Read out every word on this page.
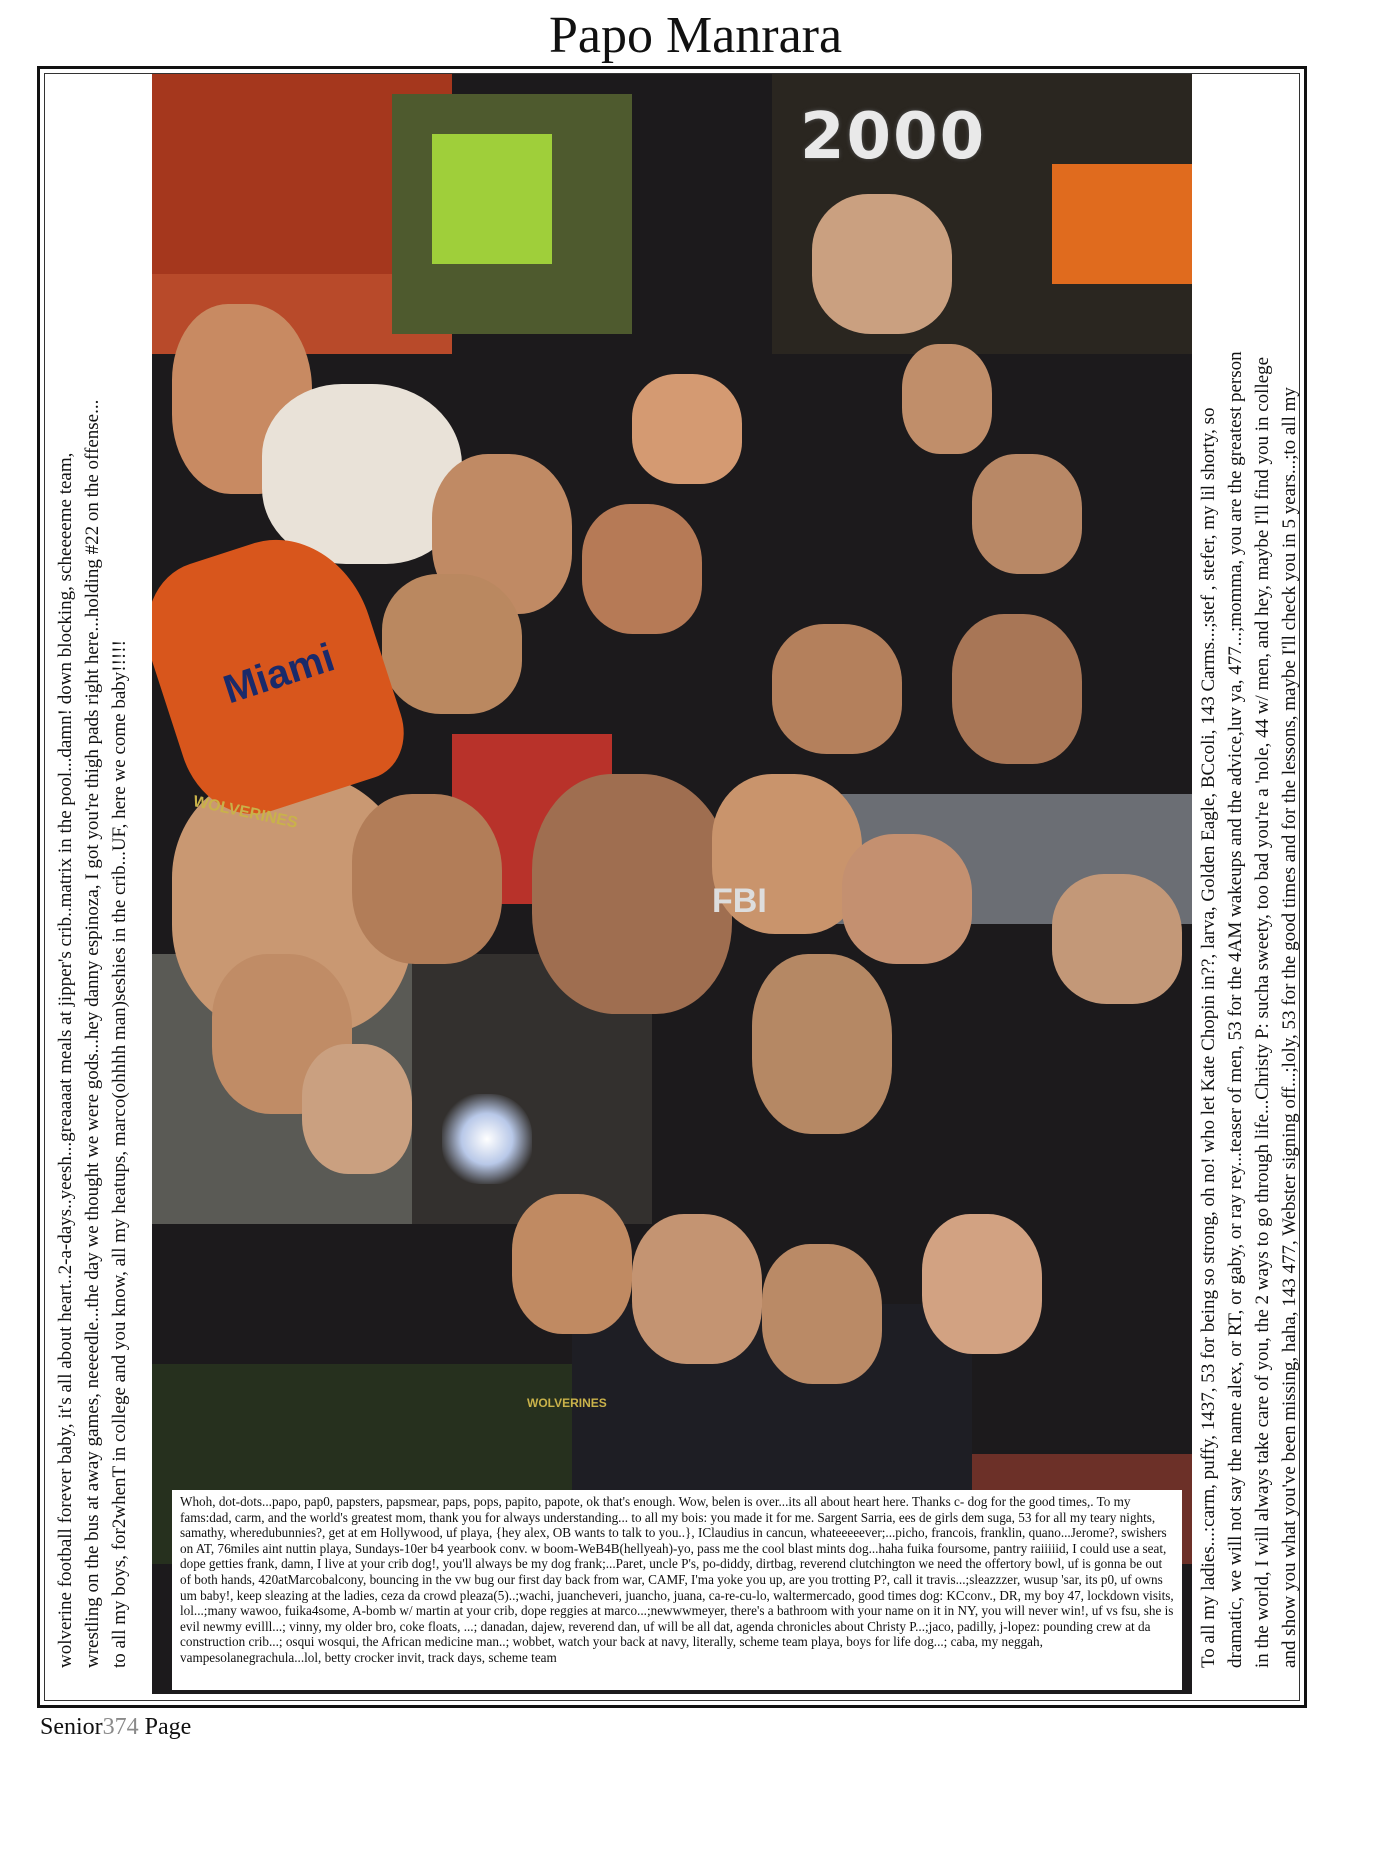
Papo Manrara

wolverine football forever baby, it's all about heart..2-a-days..yeesh...greaaaat meals at jipper's crib..matrix in the pool...damn! down blocking, scheeeeme team, wrestling on the bus at away games, neeeedle...the day we thought we were gods...hey danny espinoza, I got you're thigh pads right here...holding #22 on the offense... to all my boys, for2whenT in college and you know, all my heatups, marco(ohhhh man)seshies in the crib...UF, here we come baby!!!!!	To all my ladies...:carm, puffy, 1437, 53 for being so strong, oh no! who let Kate Chopin in??, larva, Golden Eagle, BCcoli, 143 Carms...;stef , stefer, my lil shorty, so dramatic, we will not say the name alex, or RT, or gaby, or ray rey...teaser of men, 53 for the 4AM wakeups and the advice,luv ya, 477...;momma, you are the greatest person in the world, I will always take care of you, the 2 ways to go through life...Christy P: sucha sweety, too bad you're a 'nole, 44 w/ men, and hey, maybe I'll find you in college and show you what you've been missing, haha, 143 477, Webster signing off...;loly, 53 for the good times and for the lessons, maybe I'll check you in 5 years...;to all my

2000
Miami
WOLVERINES
WOLVERINES
FBI
Whoh, dot-dots...papo, pap0, papsters, papsmear, paps, pops, papito, papote, ok that's enough. Wow, belen is over...its all about heart here. Thanks c- dog for the good times,. To my fams:dad, carm, and the world's greatest mom, thank you for always understanding... to all my bois: you made it for me. Sargent Sarria, ees de girls dem suga, 53 for all my teary nights, samathy, wheredubunnies?, get at em Hollywood, uf playa, {hey alex, OB wants to talk to you..}, IClaudius in cancun, whateeeeever;...picho, francois, franklin, quano...Jerome?, swishers on AT, 76miles aint nuttin playa, Sundays-10er b4 yearbook conv. w boom-WeB4B(hellyeah)-yo, pass me the cool blast mints dog...haha fuika foursome, pantry raiiiiid, I could use a seat, dope getties frank, damn, I live at your crib dog!, you'll always be my dog frank;...Paret, uncle P's, po-diddy, dirtbag, reverend clutchington we need the offertory bowl, uf is gonna be out of both hands, 420atMarcobalcony, bouncing in the vw bug our first day back from war, CAMF, I'ma yoke you up, are you trotting P?, call it travis...;sleazzzer, wusup 'sar, its p0, uf owns um baby!, keep sleazing at the ladies, ceza da crowd pleaza(5)..;wachi, juancheveri, juancho, juana, ca-re-cu-lo, waltermercado, good times dog: KCconv., DR, my boy 47, lockdown visits, lol...;many wawoo, fuika4some, A-bomb w/ martin at your crib, dope reggies at marco...;newwwmeyer, there's a bathroom with your name on it in NY, you will never win!, uf vs fsu, she is evil newmy evilll...; vinny, my older bro, coke floats, ...; danadan, dajew, reverend dan, uf will be all dat, agenda chronicles about Christy P...;jaco, padilly, j-lopez: pounding crew at da construction crib...; osqui wosqui, the African medicine man..; wobbet, watch your back at navy, literally, scheme team playa, boys for life dog...; caba, my neggah, vampesolanegrachula...lol, betty crocker invit, track days, scheme team
Senior374 Page
